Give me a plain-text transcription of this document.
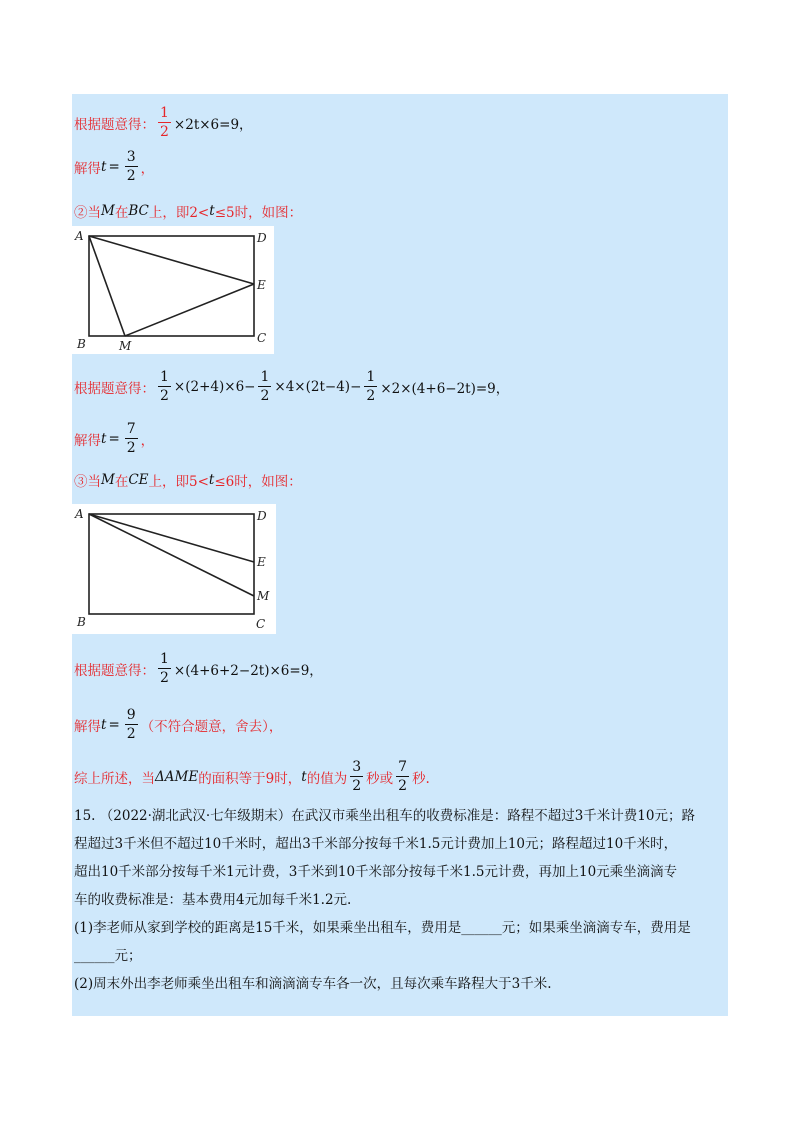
根据题意得： $\frac{1}{2} \times 2t\times 6=9$，
解得 $t = \frac{3}{2}$ ，
②当 M 在 BC 上，即2< t ≤5时，如图：
A	D
E
B	M
C
根据题意得： $\frac{1}{2} \times(2+4)\times 6- \frac{1}{2} \times 4\times(2t-4)- \frac{1}{2} \times 2\times(4+6-2t)=9$，
解得 $t = \frac{7}{2}$ ，
③当 M 在 CE 上，即5< t ≤6时，如图：
A	D
E
M
B	C
根据题意得： $\frac{1}{2} \times(4+6+2-2t)\times 6=9$，
解得 $t = \frac{9}{2}$ （不符合题意，舍去），
综上所述，当 ΔAME 的面积等于9时， t 的值为 $\frac{3}{2}$ 秒或 $\frac{7}{2}$ 秒.
15. （2022·湖北武汉·七年级期末）在武汉市乘坐出租车的收费标准是：路程不超过3千米计费10元；路
程超过3千米但不超过10千米时，超出3千米部分按每千米1.5元计费加上10元；路程超过10千米时，
超出10千米部分按每千米1元计费，3千米到10千米部分按每千米1.5元计费，再加上10元乘坐滴滴专
车的收费标准是：基本费用4元加每千米1.2元.
(1)李老师从家到学校的距离是15千米，如果乘坐出租车，费用是______元；如果乘坐滴滴专车，费用是
______元；
(2)周末外出李老师乘坐出租车和滴滴滴专车各一次，且每次乘车路程大于3千米.
